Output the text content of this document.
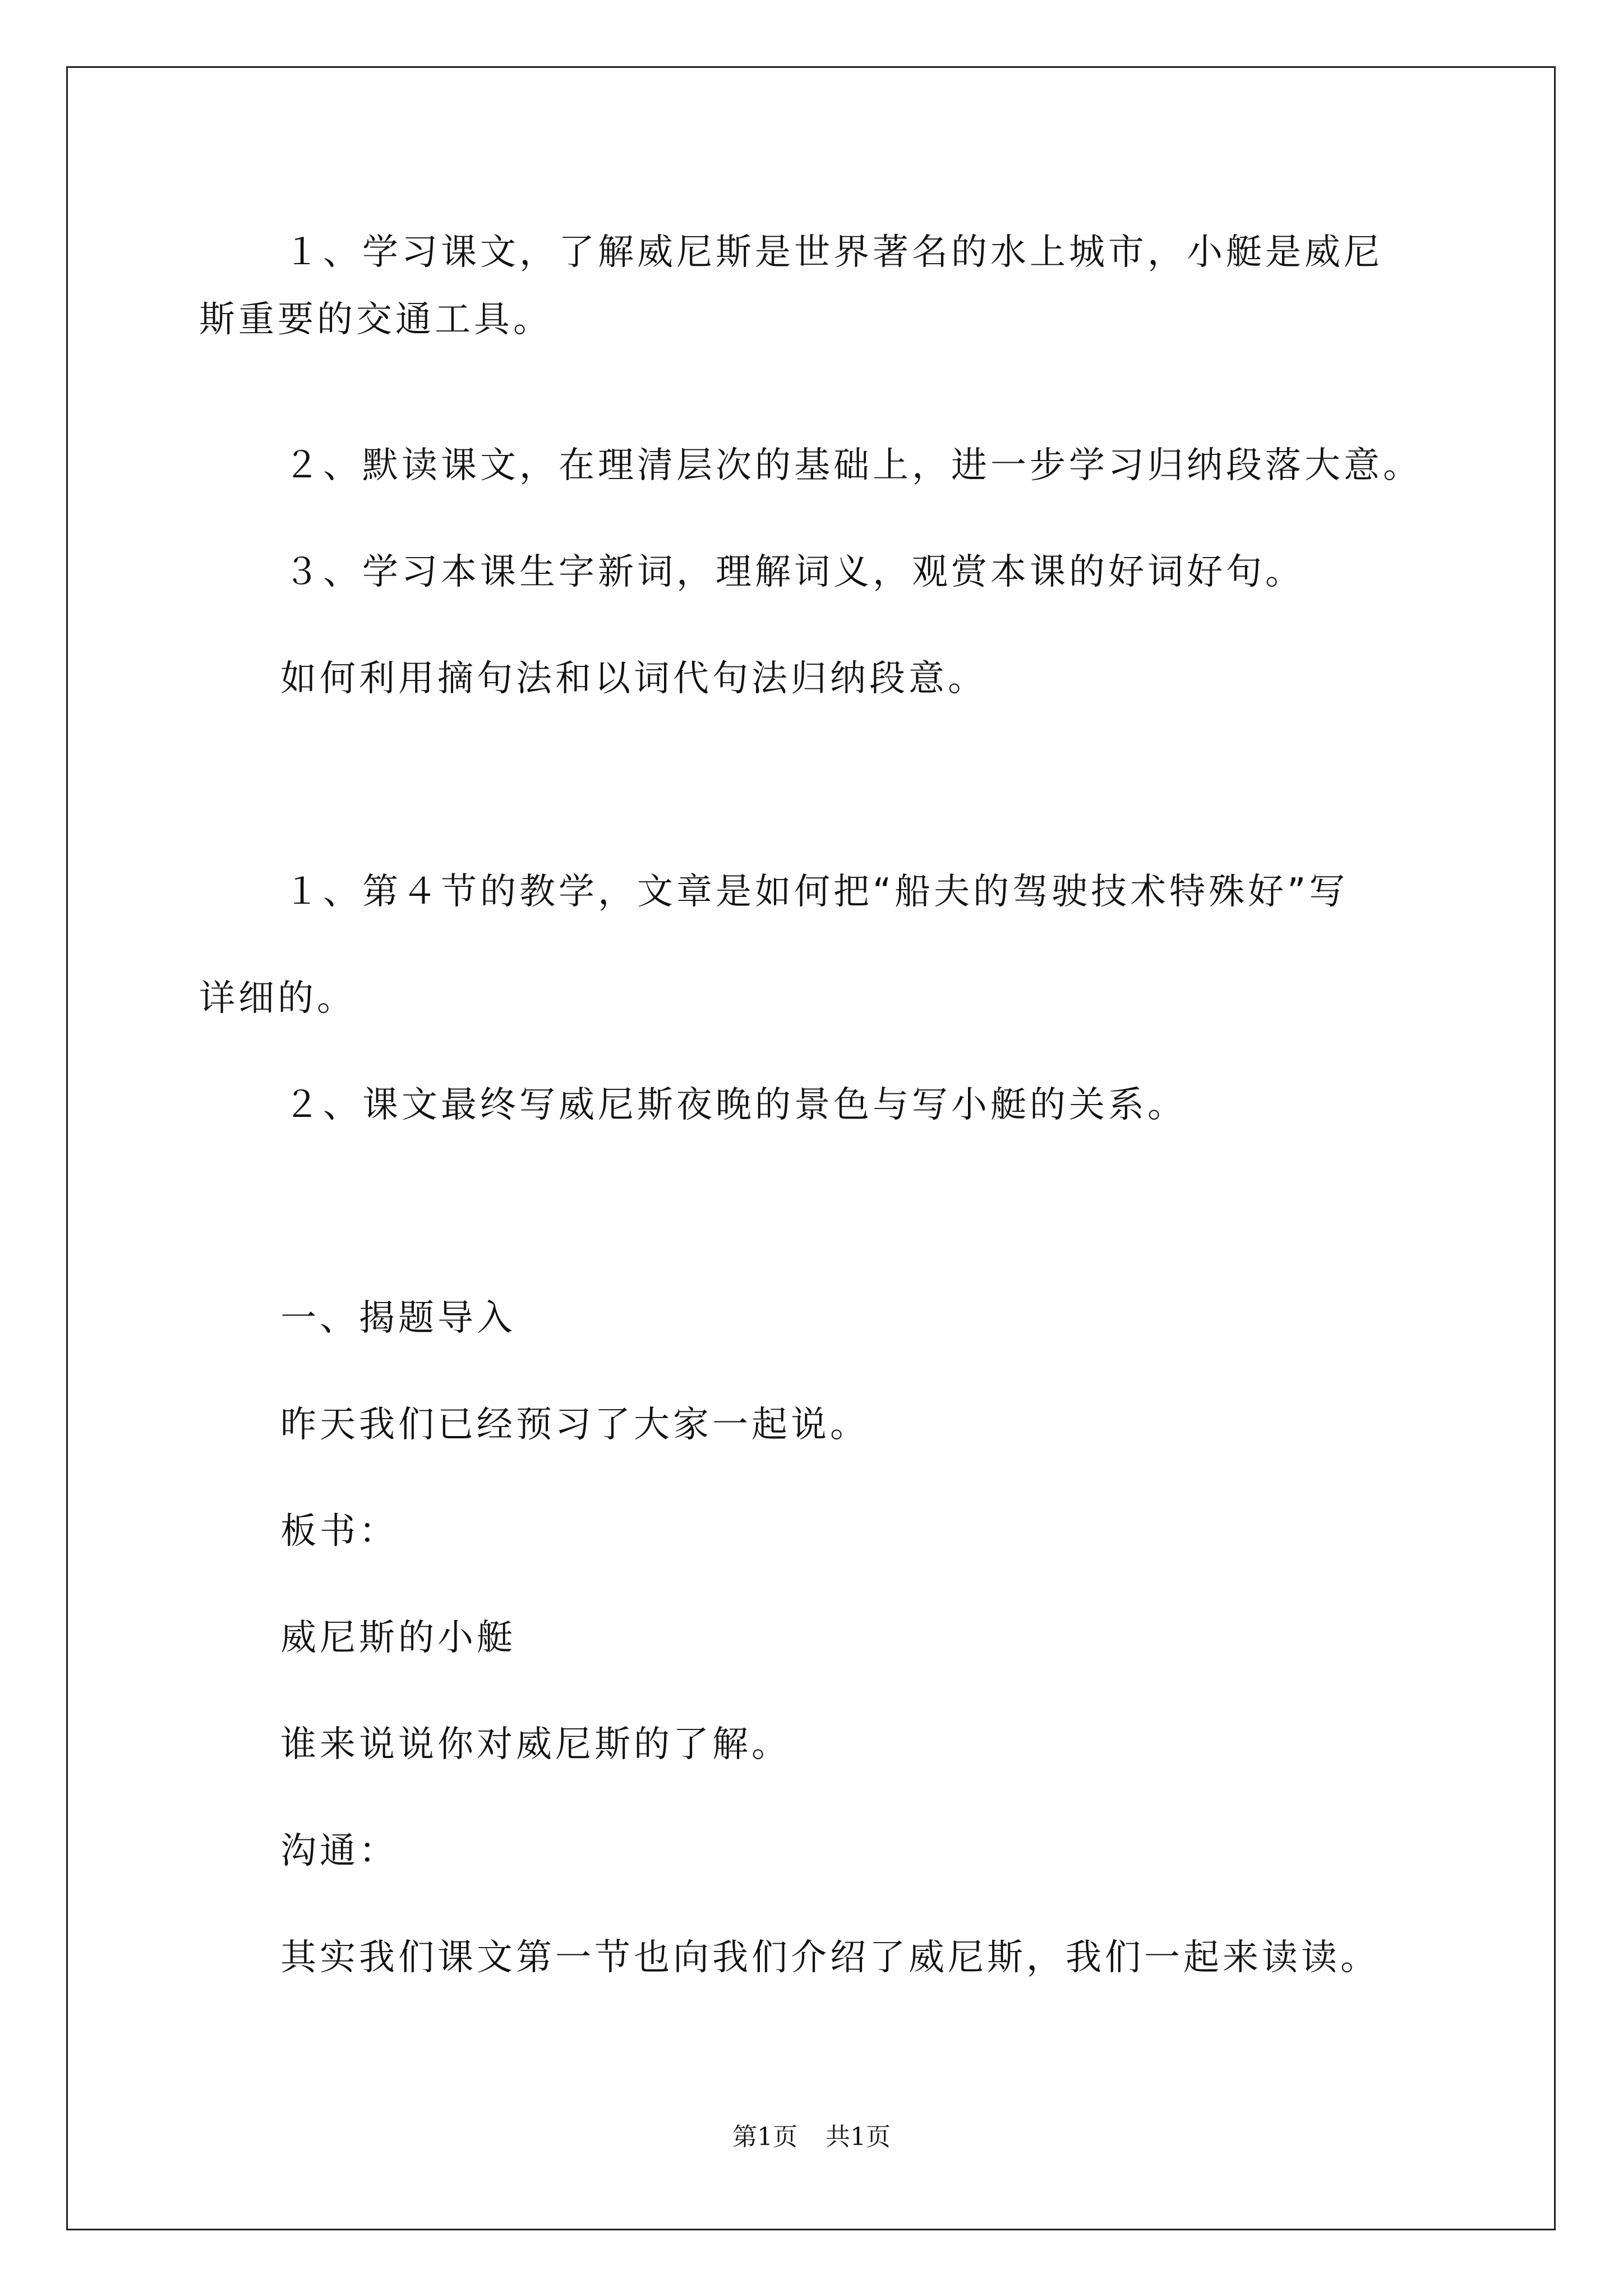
１、学习课文，了解威尼斯是世界著名的水上城市，小艇是威尼
斯重要的交通工具。
２、默读课文，在理清层次的基础上，进一步学习归纳段落大意。
３、学习本课生字新词，理解词义，观赏本课的好词好句。
如何利用摘句法和以词代句法归纳段意。
１、第４节的教学，文章是如何把“船夫的驾驶技术特殊好”写
详细的。
２、课文最终写威尼斯夜晚的景色与写小艇的关系。
一、揭题导入
昨天我们已经预习了大家一起说。
板书：
威尼斯的小艇
谁来说说你对威尼斯的了解。
沟通：
其实我们课文第一节也向我们介绍了威尼斯，我们一起来读读。
第1页 共1页
